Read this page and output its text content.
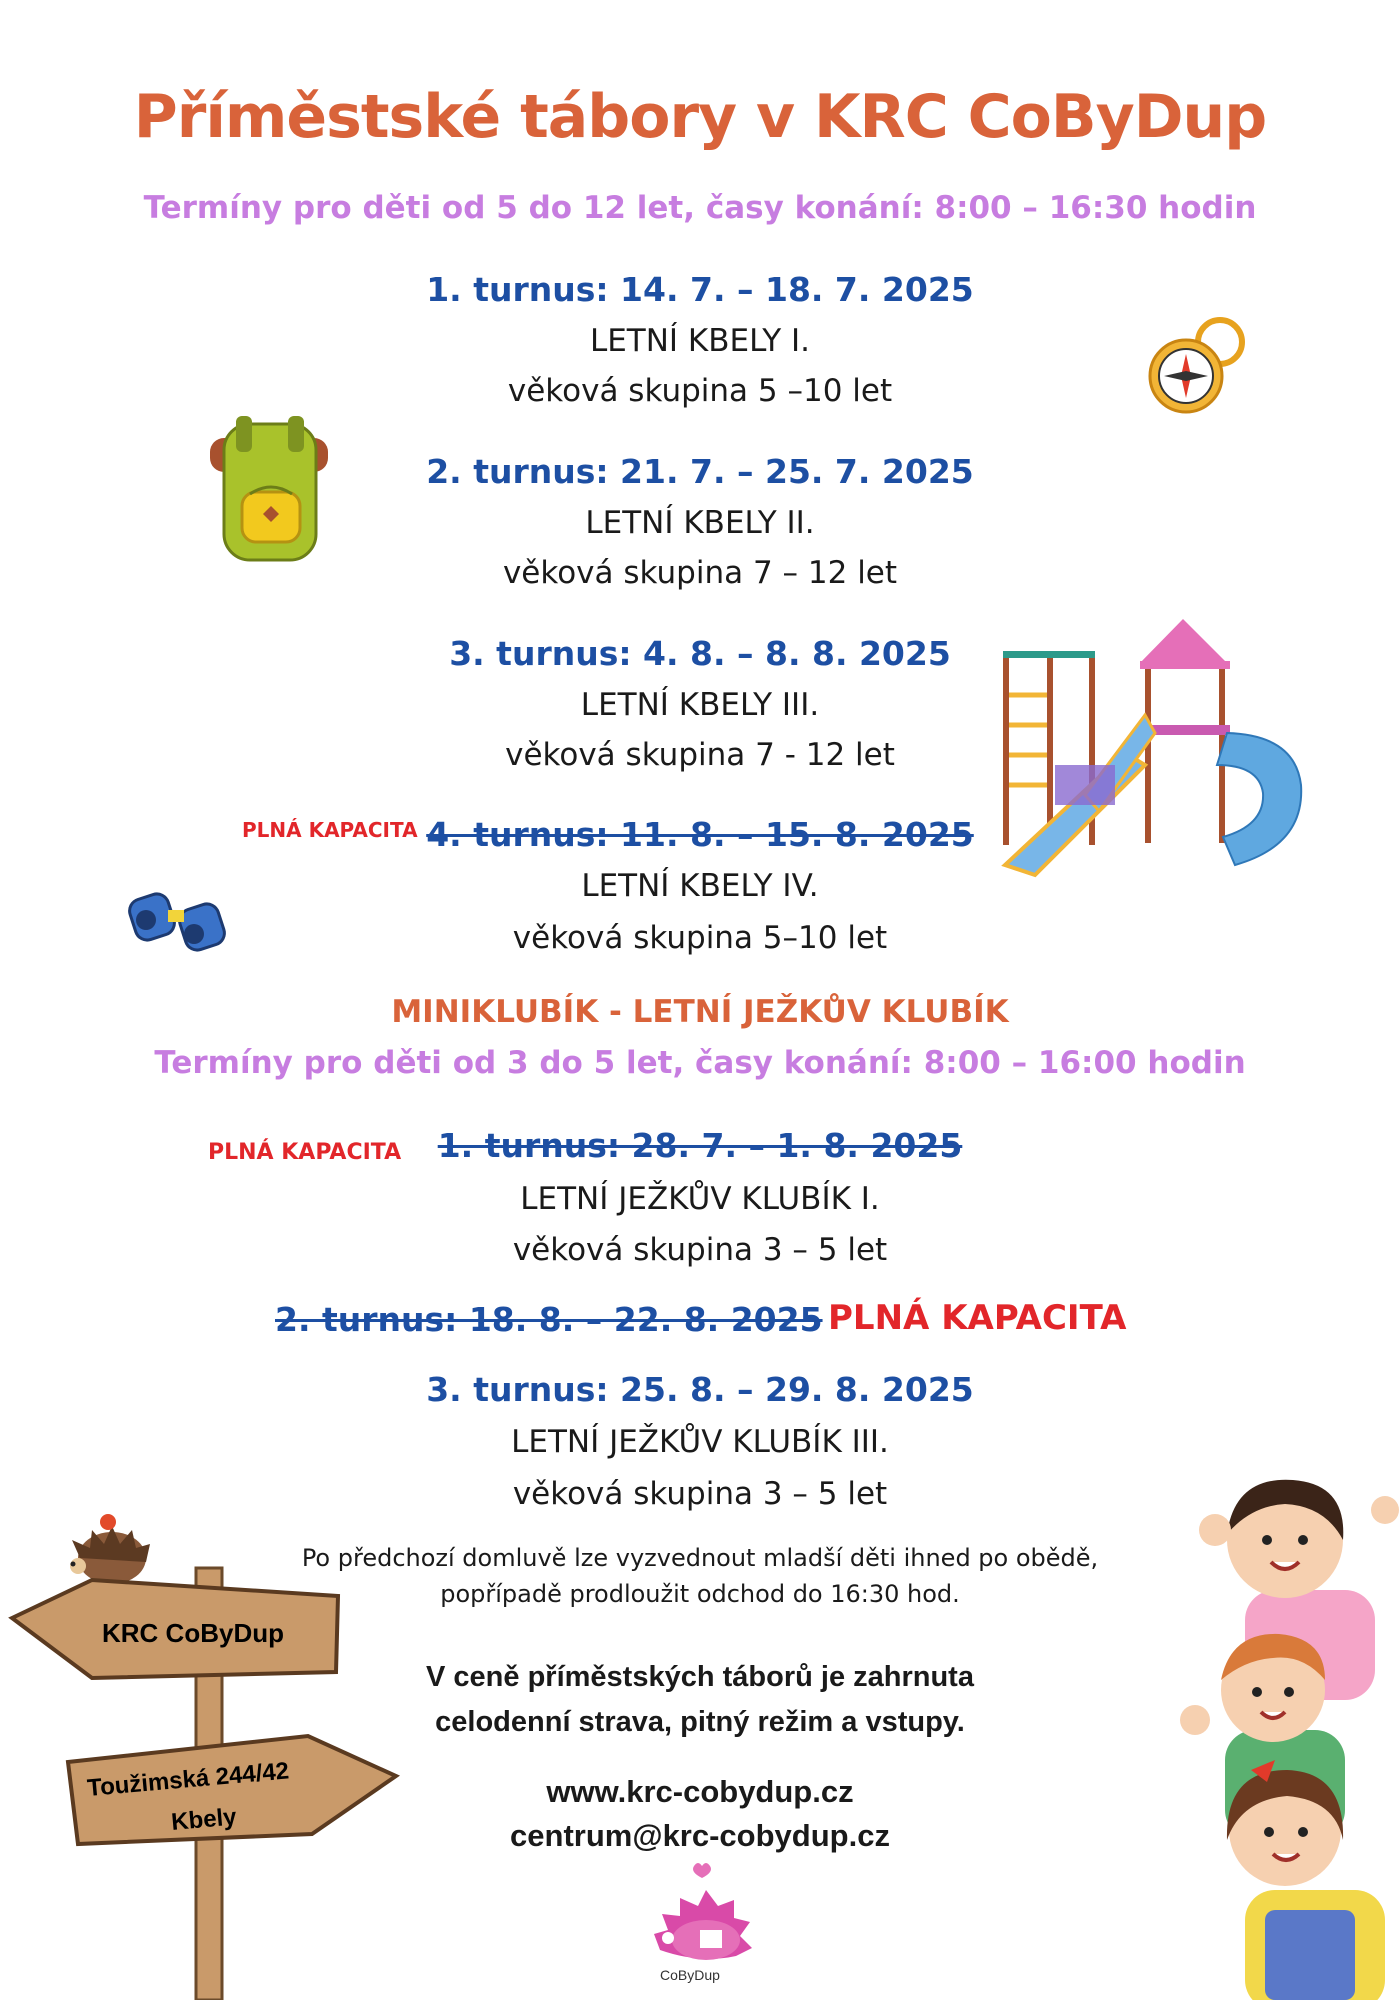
Příměstské tábory v KRC CoByDup
Termíny pro děti od 5 do 12 let, časy konání: 8:00 – 16:30 hodin
1. turnus: 14. 7. – 18. 7. 2025
LETNÍ KBELY I.
věková skupina 5 –10 let
2. turnus: 21. 7. – 25. 7. 2025
LETNÍ KBELY II.
věková skupina 7 – 12 let
3. turnus: 4. 8. – 8. 8. 2025
LETNÍ KBELY III.
věková skupina 7 - 12 let
PLNÁ KAPACITA 4. turnus: 11. 8. – 15. 8. 2025
LETNÍ KBELY IV.
věková skupina 5–10 let
MINIKLUBÍK - LETNÍ JEŽKŮV KLUBÍK
Termíny pro děti od 3 do 5 let, časy konání: 8:00 – 16:00 hodin
PLNÁ KAPACITA	1. turnus: 28. 7. – 1. 8. 2025
LETNÍ JEŽKŮV KLUBÍK I.
věková skupina 3 – 5 let
2. turnus: 18. 8. – 22. 8. 2025 PLNÁ KAPACITA
3. turnus: 25. 8. – 29. 8. 2025
LETNÍ JEŽKŮV KLUBÍK III.
věková skupina 3 – 5 let
Po předchozí domluvě lze vyzvednout mladší děti ihned po obědě,
popřípadě prodloužit odchod do 16:30 hod.
V ceně příměstských táborů je zahrnuta
celodenní strava, pitný režim a vstupy.
www.krc-cobydup.cz
centrum@krc-cobydup.cz
KRC CoByDup
Toužimská 244/42
Kbely
CoByDup
